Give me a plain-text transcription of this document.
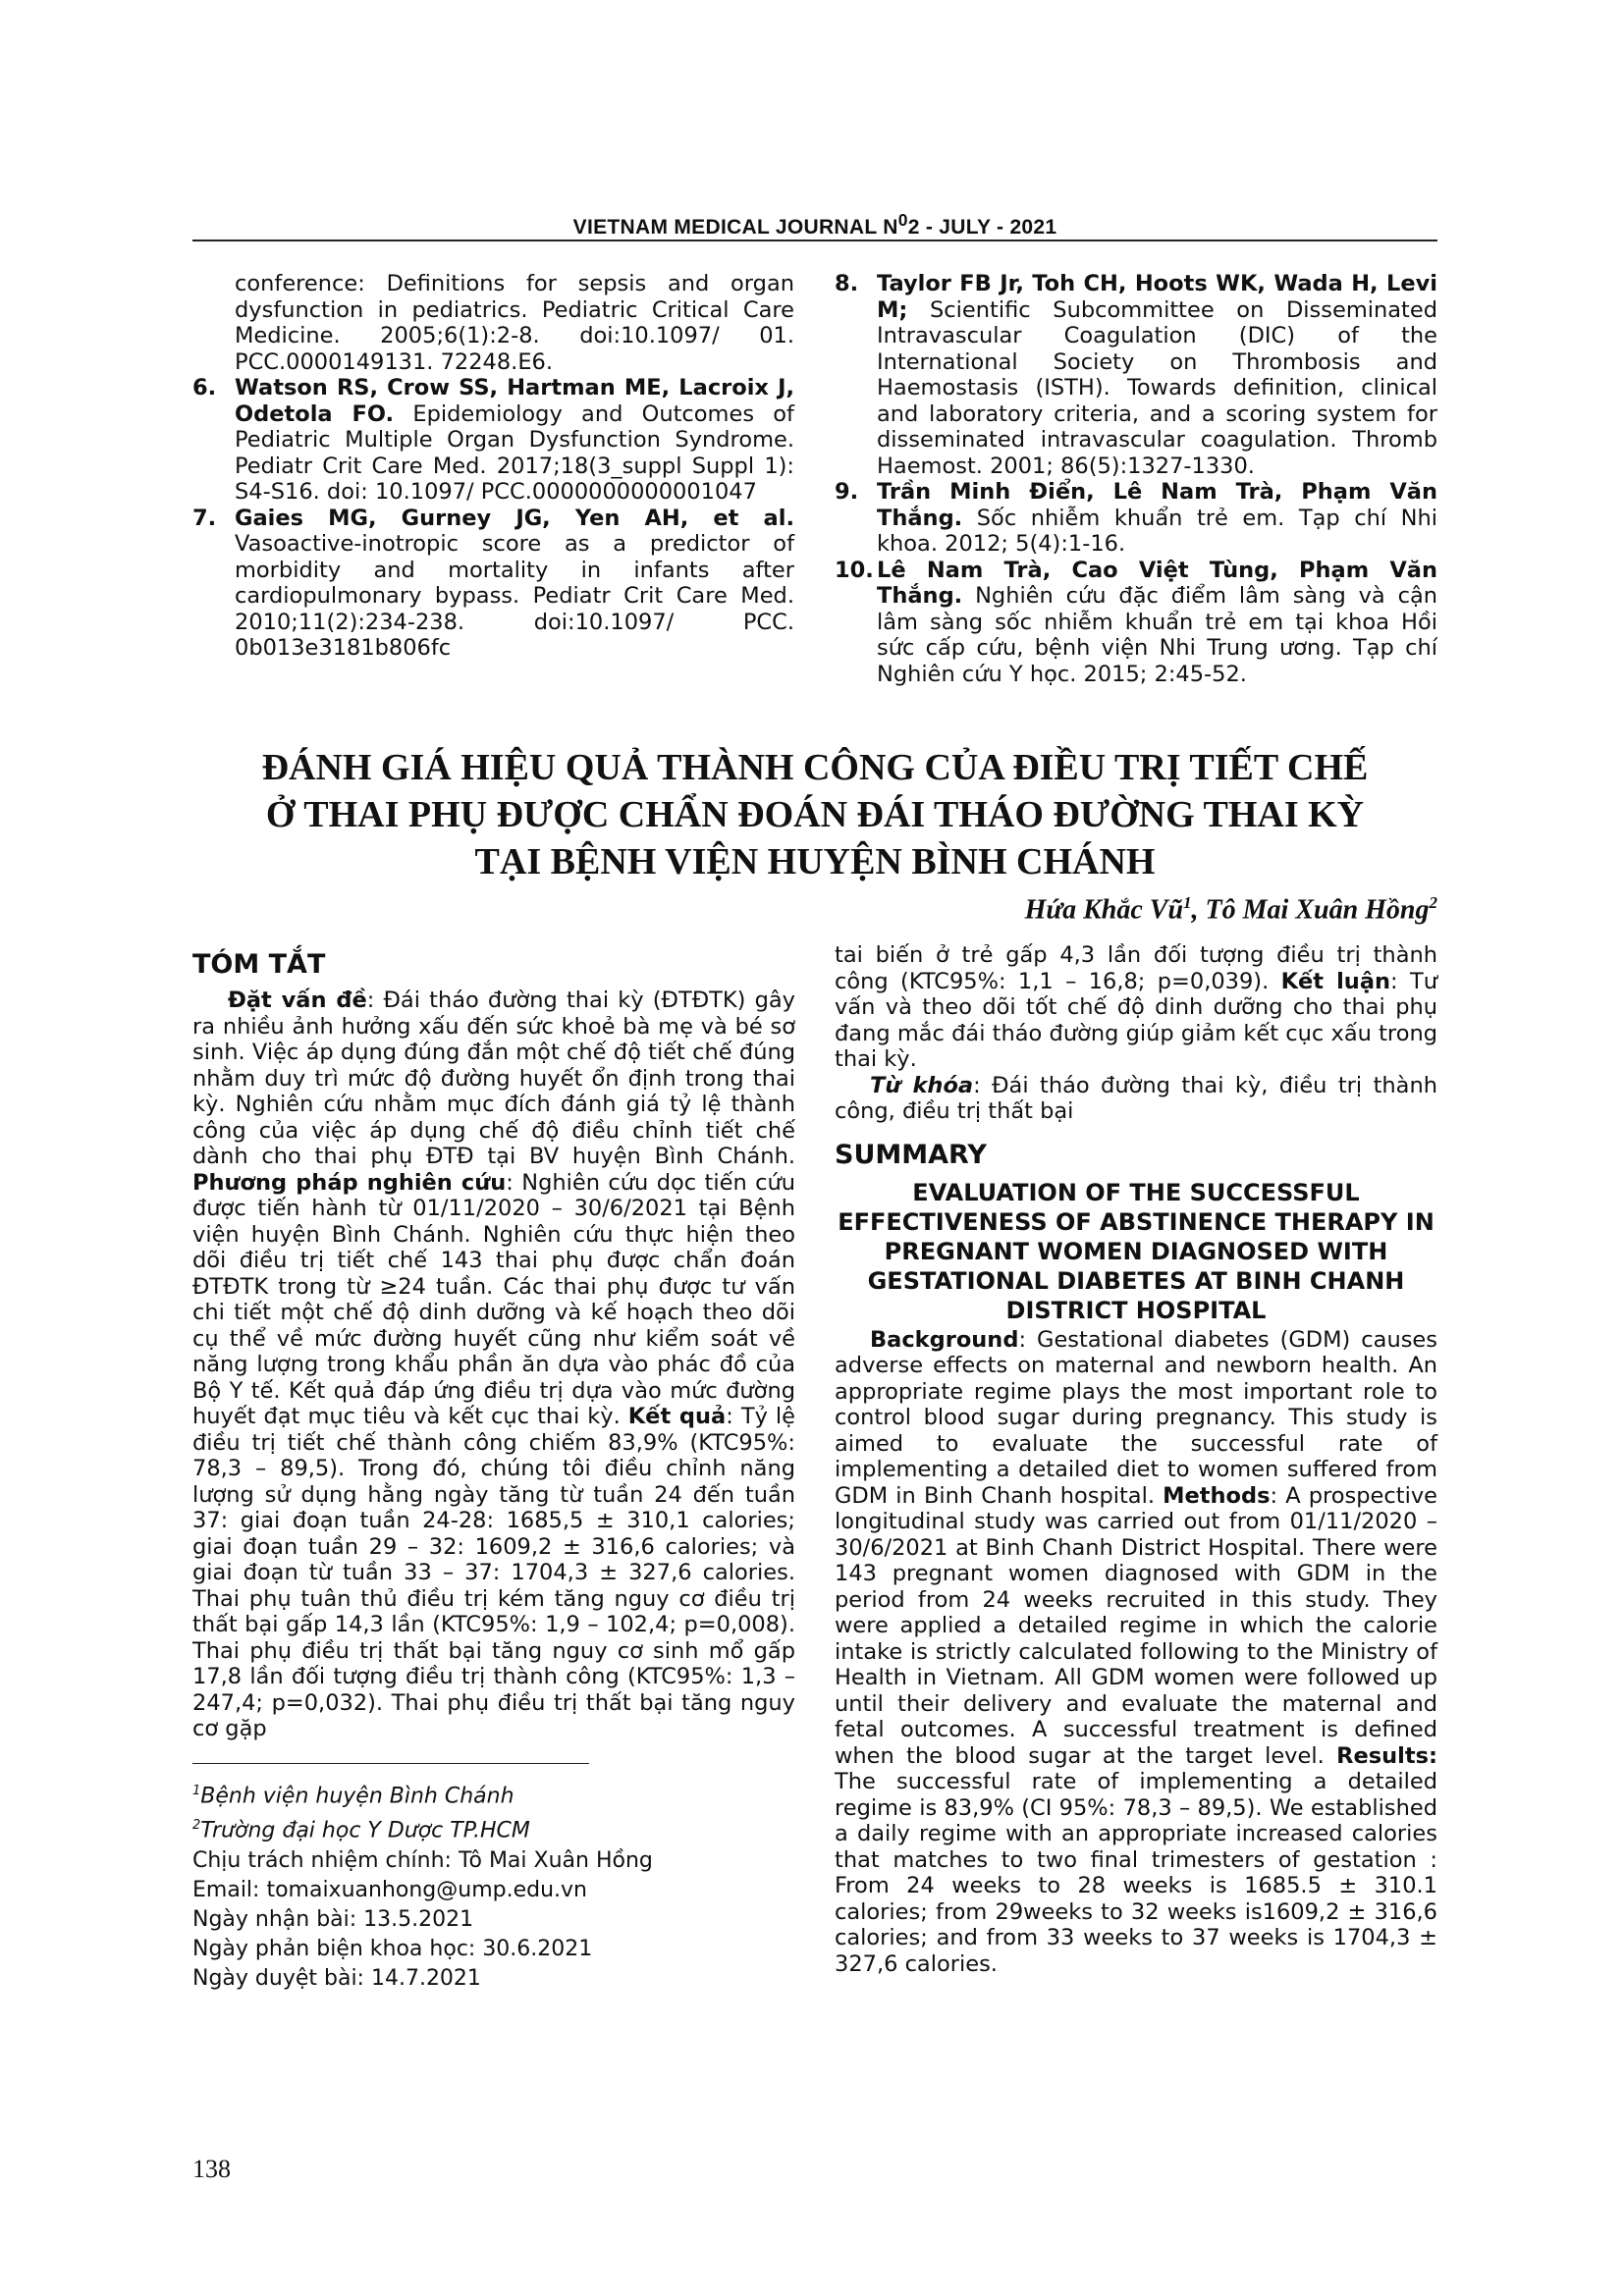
VIETNAM MEDICAL JOURNAL $N^02$ - JULY - 2021

conference: Definitions for sepsis and organ dysfunction in pediatrics. Pediatric Critical Care Medicine. 2005;6(1):2-8. doi:10.1097/ 01. PCC.0000149131. 72248.E6.

6. Watson RS, Crow SS, Hartman ME, Lacroix J, Odetola FO. Epidemiology and Outcomes of Pediatric Multiple Organ Dysfunction Syndrome. Pediatr Crit Care Med. 2017;18(3_suppl Suppl 1): S4-S16. doi: 10.1097/ PCC.0000000000001047

7. Gaies MG, Gurney JG, Yen AH, et al. Vasoactive-inotropic score as a predictor of morbidity and mortality in infants after cardiopulmonary bypass. Pediatr Crit Care Med. 2010;11(2):234-238. doi:10.1097/ PCC. 0b013e3181b806fc

8. Taylor FB Jr, Toh CH, Hoots WK, Wada H, Levi M; Scientific Subcommittee on Disseminated Intravascular Coagulation (DIC) of the International Society on Thrombosis and Haemostasis (ISTH). Towards definition, clinical and laboratory criteria, and a scoring system for disseminated intravascular coagulation. Thromb Haemost. 2001; 86(5):1327-1330.

9. Trần Minh Điển, Lê Nam Trà, Phạm Văn Thắng. Sốc nhiễm khuẩn trẻ em. Tạp chí Nhi khoa. 2012; 5(4):1-16.

10. Lê Nam Trà, Cao Việt Tùng, Phạm Văn Thắng. Nghiên cứu đặc điểm lâm sàng và cận lâm sàng sốc nhiễm khuẩn trẻ em tại khoa Hồi sức cấp cứu, bệnh viện Nhi Trung ương. Tạp chí Nghiên cứu Y học. 2015; 2:45-52.

ĐÁNH GIÁ HIỆU QUẢ THÀNH CÔNG CỦA ĐIỀU TRỊ TIẾT CHẾ
Ở THAI PHỤ ĐƯỢC CHẨN ĐOÁN ĐÁI THÁO ĐƯỜNG THAI KỲ
TẠI BỆNH VIỆN HUYỆN BÌNH CHÁNH
Hứa Khắc $Vũ^1$, Tô Mai Xuân Hồng$^2$
TÓM TẮT

Đặt vấn đề: Đái tháo đường thai kỳ (ĐTĐTK) gây ra nhiều ảnh hưởng xấu đến sức khoẻ bà mẹ và bé sơ sinh. Việc áp dụng đúng đắn một chế độ tiết chế đúng nhằm duy trì mức độ đường huyết ổn định trong thai kỳ. Nghiên cứu nhằm mục đích đánh giá tỷ lệ thành công của việc áp dụng chế độ điều chỉnh tiết chế dành cho thai phụ ĐTĐ tại BV huyện Bình Chánh. Phương pháp nghiên cứu: Nghiên cứu dọc tiến cứu được tiến hành từ 01/11/2020 – 30/6/2021 tại Bệnh viện huyện Bình Chánh. Nghiên cứu thực hiện theo dõi điều trị tiết chế 143 thai phụ được chẩn đoán ĐTĐTK trong từ ≥24 tuần. Các thai phụ được tư vấn chi tiết một chế độ dinh dưỡng và kế hoạch theo dõi cụ thể về mức đường huyết cũng như kiểm soát về năng lượng trong khẩu phần ăn dựa vào phác đồ của Bộ Y tế. Kết quả đáp ứng điều trị dựa vào mức đường huyết đạt mục tiêu và kết cục thai kỳ. Kết quả: Tỷ lệ điều trị tiết chế thành công chiếm 83,9% (KTC95%: 78,3 – 89,5). Trong đó, chúng tôi điều chỉnh năng lượng sử dụng hằng ngày tăng từ tuần 24 đến tuần 37: giai đoạn tuần 24-28: 1685,5 ± 310,1 calories; giai đoạn tuần 29 – 32: 1609,2 ± 316,6 calories; và giai đoạn từ tuần 33 – 37: 1704,3 ± 327,6 calories. Thai phụ tuân thủ điều trị kém tăng nguy cơ điều trị thất bại gấp 14,3 lần (KTC95%: 1,9 – 102,4; p=0,008). Thai phụ điều trị thất bại tăng nguy cơ sinh mổ gấp 17,8 lần đối tượng điều trị thành công (KTC95%: 1,3 – 247,4; p=0,032). Thai phụ điều trị thất bại tăng nguy cơ gặp

$^1$Bệnh viện huyện Bình Chánh
$^2$Trường đại học Y Dược TP.HCM
Chịu trách nhiệm chính: Tô Mai Xuân Hồng
Email: tomaixuanhong@ump.edu.vn
Ngày nhận bài: 13.5.2021
Ngày phản biện khoa học: 30.6.2021
Ngày duyệt bài: 14.7.2021

tai biến ở trẻ gấp 4,3 lần đối tượng điều trị thành công (KTC95%: 1,1 – 16,8; p=0,039). Kết luận: Tư vấn và theo dõi tốt chế độ dinh dưỡng cho thai phụ đang mắc đái tháo đường giúp giảm kết cục xấu trong thai kỳ.

Từ khóa: Đái tháo đường thai kỳ, điều trị thành công, điều trị thất bại

SUMMARY
EVALUATION OF THE SUCCESSFUL EFFECTIVENESS OF ABSTINENCE THERAPY IN PREGNANT WOMEN DIAGNOSED WITH GESTATIONAL DIABETES AT BINH CHANH DISTRICT HOSPITAL

Background: Gestational diabetes (GDM) causes adverse effects on maternal and newborn health. An appropriate regime plays the most important role to control blood sugar during pregnancy. This study is aimed to evaluate the successful rate of implementing a detailed diet to women suffered from GDM in Binh Chanh hospital. Methods: A prospective longitudinal study was carried out from 01/11/2020 – 30/6/2021 at Binh Chanh District Hospital. There were 143 pregnant women diagnosed with GDM in the period from 24 weeks recruited in this study. They were applied a detailed regime in which the calorie intake is strictly calculated following to the Ministry of Health in Vietnam. All GDM women were followed up until their delivery and evaluate the maternal and fetal outcomes. A successful treatment is defined when the blood sugar at the target level. Results: The successful rate of implementing a detailed regime is 83,9% (CI 95%: 78,3 – 89,5). We established a daily regime with an appropriate increased calories that matches to two final trimesters of gestation : From 24 weeks to 28 weeks is 1685.5 ± 310.1 calories; from 29weeks to 32 weeks is1609,2 ± 316,6 calories; and from 33 weeks to 37 weeks is 1704,3 ± 327,6 calories.

138
